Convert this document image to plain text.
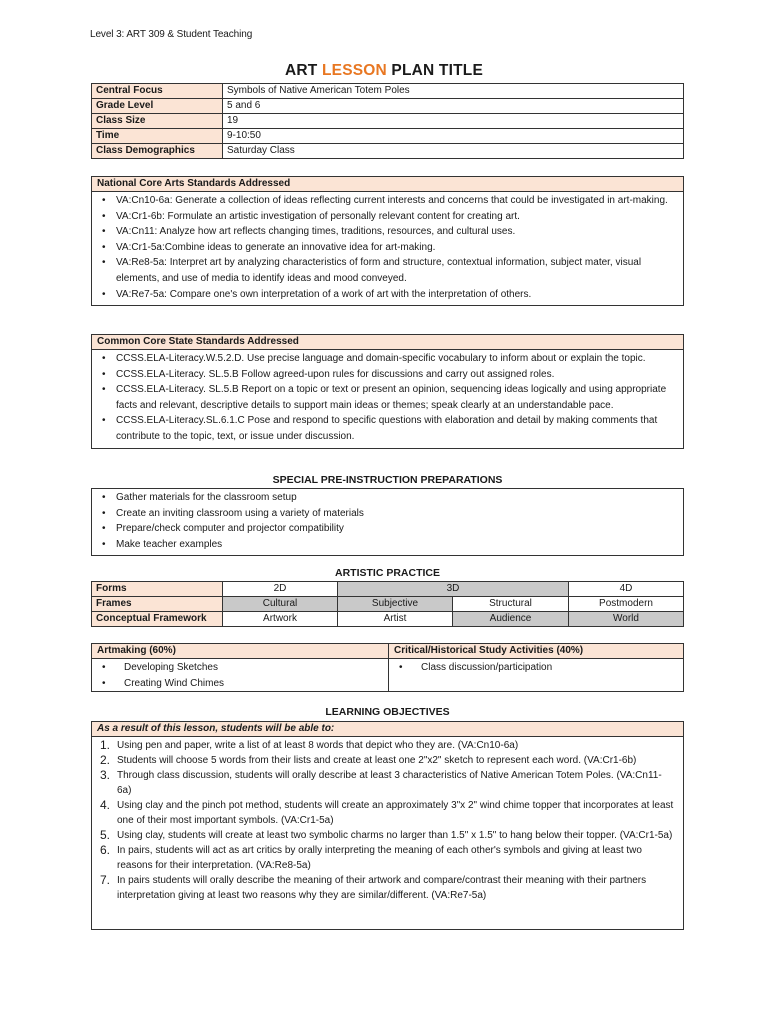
Level 3: ART 309 & Student Teaching
ART LESSON PLAN TITLE
Central Focus	Symbols of Native American Totem Poles
Grade Level	5 and 6
Class Size	19
Time	9-10:50
Class Demographics	Saturday Class
National Core Arts Standards Addressed
• VA:Cn10-6a: Generate a collection of ideas reflecting current interests and concerns that could be investigated in art-making.
• VA:Cr1-6b: Formulate an artistic investigation of personally relevant content for creating art.
• VA:Cn11: Analyze how art reflects changing times, traditions, resources, and cultural uses.
• VA:Cr1-5a:Combine ideas to generate an innovative idea for art-making.
• VA:Re8-5a: Interpret art by analyzing characteristics of form and structure, contextual information, subject mater, visual elements, and use of media to identify ideas and mood conveyed.
• VA:Re7-5a: Compare one's own interpretation of a work of art with the interpretation of others.
Common Core State Standards Addressed
• CCSS.ELA-Literacy.W.5.2.D. Use precise language and domain-specific vocabulary to inform about or explain the topic.
• CCSS.ELA-Literacy. SL.5.B Follow agreed-upon rules for discussions and carry out assigned roles.
• CCSS.ELA-Literacy. SL.5.B Report on a topic or text or present an opinion, sequencing ideas logically and using appropriate facts and relevant, descriptive details to support main ideas or themes; speak clearly at an understandable pace.
• CCSS.ELA-Literacy.SL.6.1.C Pose and respond to specific questions with elaboration and detail by making comments that contribute to the topic, text, or issue under discussion.
SPECIAL PRE-INSTRUCTION PREPARATIONS
• Gather materials for the classroom setup
• Create an inviting classroom using a variety of materials
• Prepare/check computer and projector compatibility
• Make teacher examples
ARTISTIC PRACTICE
Forms	2D	3D		4D
Frames	Cultural	Subjective	Structural	Postmodern
Conceptual Framework	Artwork	Artist	Audience	World
Artmaking (60%)
• Developing Sketches
• Creating Wind Chimes
Critical/Historical Study Activities (40%)
• Class discussion/participation
LEARNING OBJECTIVES
As a result of this lesson, students will be able to:
1. Using pen and paper, write a list of at least 8 words that depict who they are. (VA:Cn10-6a)
2. Students will choose 5 words from their lists and create at least one 2"x2" sketch to represent each word. (VA:Cr1-6b)
3. Through class discussion, students will orally describe at least 3 characteristics of Native American Totem Poles. (VA:Cn11-6a)
4. Using clay and the pinch pot method, students will create an approximately 3"x 2" wind chime topper that incorporates at least one of their most important symbols. (VA:Cr1-5a)
5. Using clay, students will create at least two symbolic charms no larger than 1.5" x 1.5" to hang below their topper. (VA:Cr1-5a)
6. In pairs, students will act as art critics by orally interpreting the meaning of each other's symbols and giving at least two reasons for their interpretation. (VA:Re8-5a)
7. In pairs students will orally describe the meaning of their artwork and compare/contrast their meaning with their partners interpretation giving at least two reasons why they are similar/different. (VA:Re7-5a)
